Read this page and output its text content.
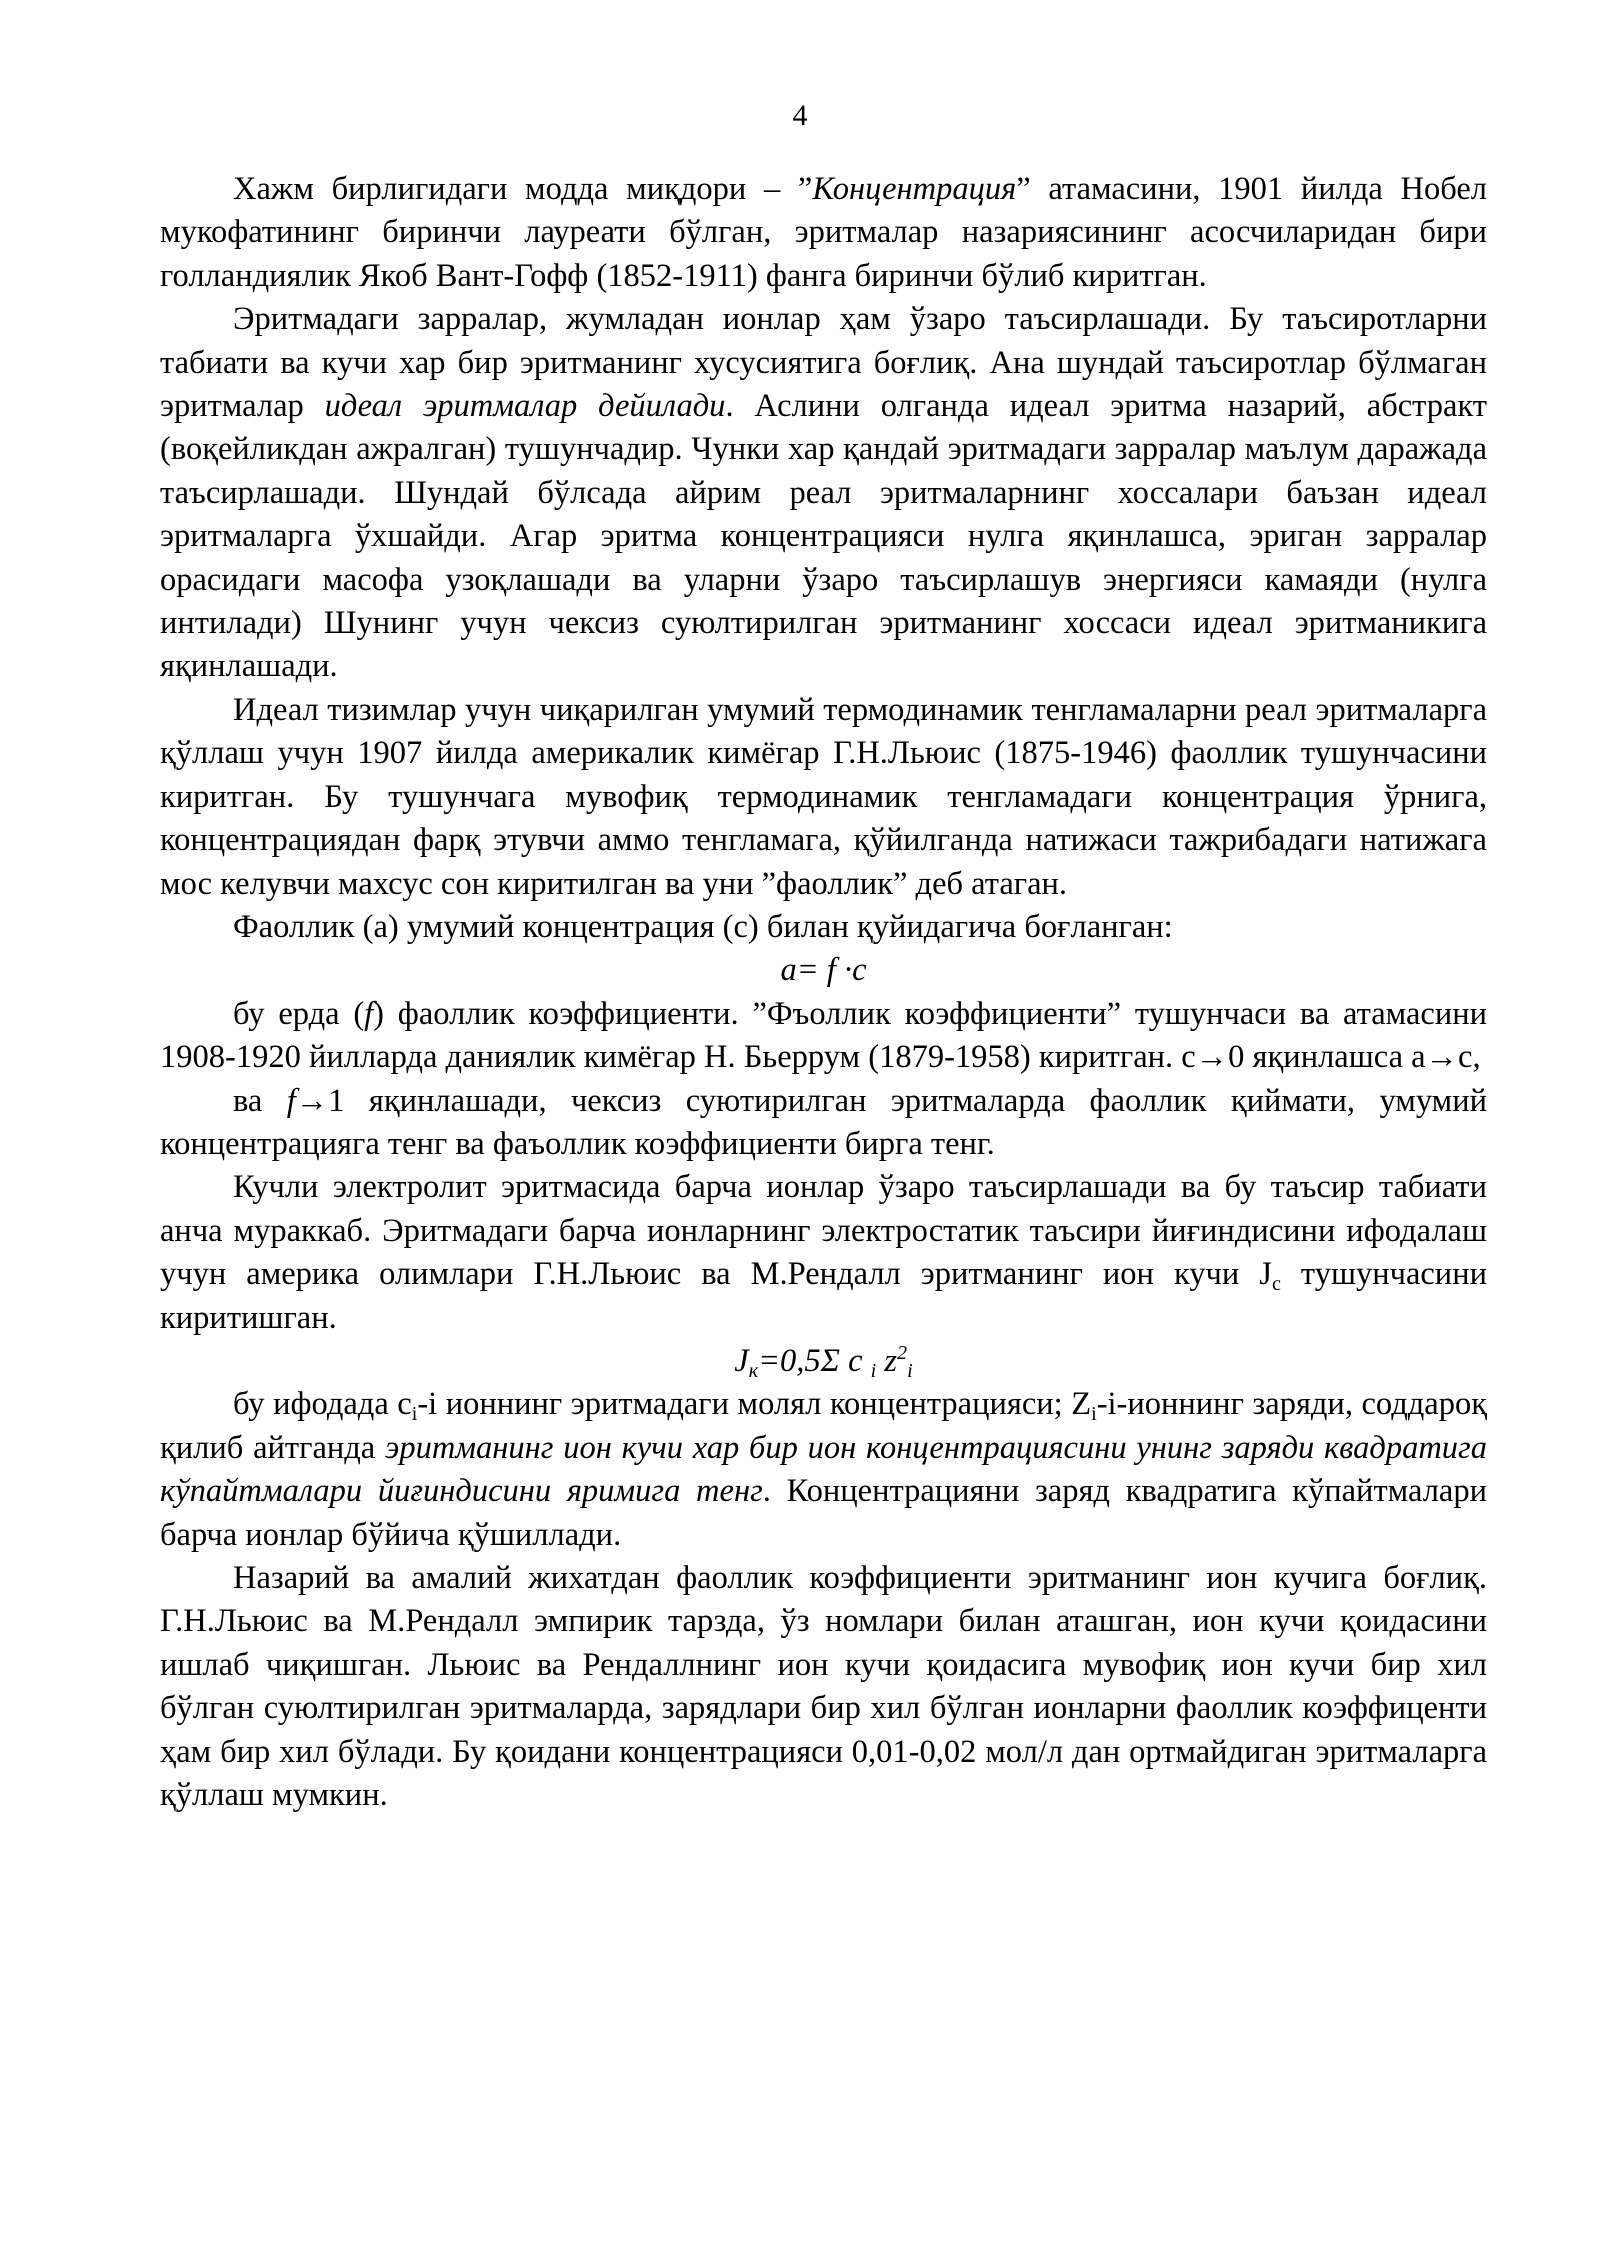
4

Хажм бирлигидаги модда миқдори – ”Концентрация” атамасини, 1901 йилда Нобел мукофатининг биринчи лауреати бўлган, эритмалар назариясининг асосчиларидан бири голландиялик Якоб Вант-Гофф (1852-1911) фанга биринчи бўлиб киритган.

Эритмадаги зарралар, жумладан ионлар ҳам ўзаро таъсирлашади. Бу таъсиротларни табиати ва кучи хар бир эритманинг хусусиятига боғлиқ. Ана шундай таъсиротлар бўлмаган эритмалар идеал эритмалар дейилади. Аслини олганда идеал эритма назарий, абстракт (воқейликдан ажралган) тушунчадир. Чунки хар қандай эритмадаги зарралар маълум даражада таъсирлашади. Шундай бўлсада айрим реал эритмаларнинг хоссалари баъзан идеал эритмаларга ўхшайди. Агар эритма концентрацияси нулга яқинлашса, эриган зарралар орасидаги масофа узоқлашади ва уларни ўзаро таъсирлашув энергияси камаяди (нулга интилади) Шунинг учун чексиз суюлтирилган эритманинг хоссаси идеал эритманикига яқинлашади.

Идеал тизимлар учун чиқарилган умумий термодинамик тенгламаларни реал эритмаларга қўллаш учун 1907 йилда америкалик кимёгар Г.Н.Льюис (1875-1946) фаоллик тушунчасини киритган. Бу тушунчага мувофиқ термодинамик тенгламадаги концентрация ўрнига, концентрациядан фарқ этувчи аммо тенгламага, қўйилганда натижаси тажрибадаги натижага мос келувчи махсус сон киритилган ва уни ”фаоллик” деб атаган.

Фаоллик (а) умумий концентрация (с) билан қуйидагича боғланган:

a= f ·c

бу ерда (f) фаоллик коэффициенти. ”Фъоллик коэффициенти” тушунчаси ва атамасини 1908-1920 йилларда даниялик кимёгар Н. Бьеррум (1879-1958) киритган. с→0 яқинлашса а→с,

ва f→1 яқинлашади, чексиз суютирилган эритмаларда фаоллик қиймати, умумий концентрацияга тенг ва фаъоллик коэффициенти бирга тенг.

Кучли электролит эритмасида барча ионлар ўзаро таъсирлашади ва бу таъсир табиати анча мураккаб. Эритмадаги барча ионларнинг электростатик таъсири йиғиндисини ифодалаш учун америка олимлари Г.Н.Льюис ва М.Рендалл эритманинг ион кучи $J_c$ тушунчасини киритишган.

$J_к=0,5\Sigma$ c $_i$ $z^2_i$

бу ифодада $c_i-i$ ионнинг эритмадаги молял концентрацияси; $Z_i-i$-ионнинг заряди, соддароқ қилиб айтганда эритманинг ион кучи хар бир ион концентрациясини унинг заряди квадратига кўпайтмалари йиғиндисини яримига тенг. Концентрацияни заряд квадратига кўпайтмалари барча ионлар бўйича қўшиллади.

Назарий ва амалий жихатдан фаоллик коэффициенти эритманинг ион кучига боғлиқ. Г.Н.Льюис ва М.Рендалл эмпирик тарзда, ўз номлари билан аташган, ион кучи қоидасини ишлаб чиқишган. Льюис ва Рендаллнинг ион кучи қоидасига мувофиқ ион кучи бир хил бўлган суюлтирилган эритмаларда, зарядлари бир хил бўлган ионларни фаоллик коэффиценти ҳам бир хил бўлади. Бу қоидани концентрацияси 0,01-0,02 мол/л дан ортмайдиган эритмаларга қўллаш мумкин.
